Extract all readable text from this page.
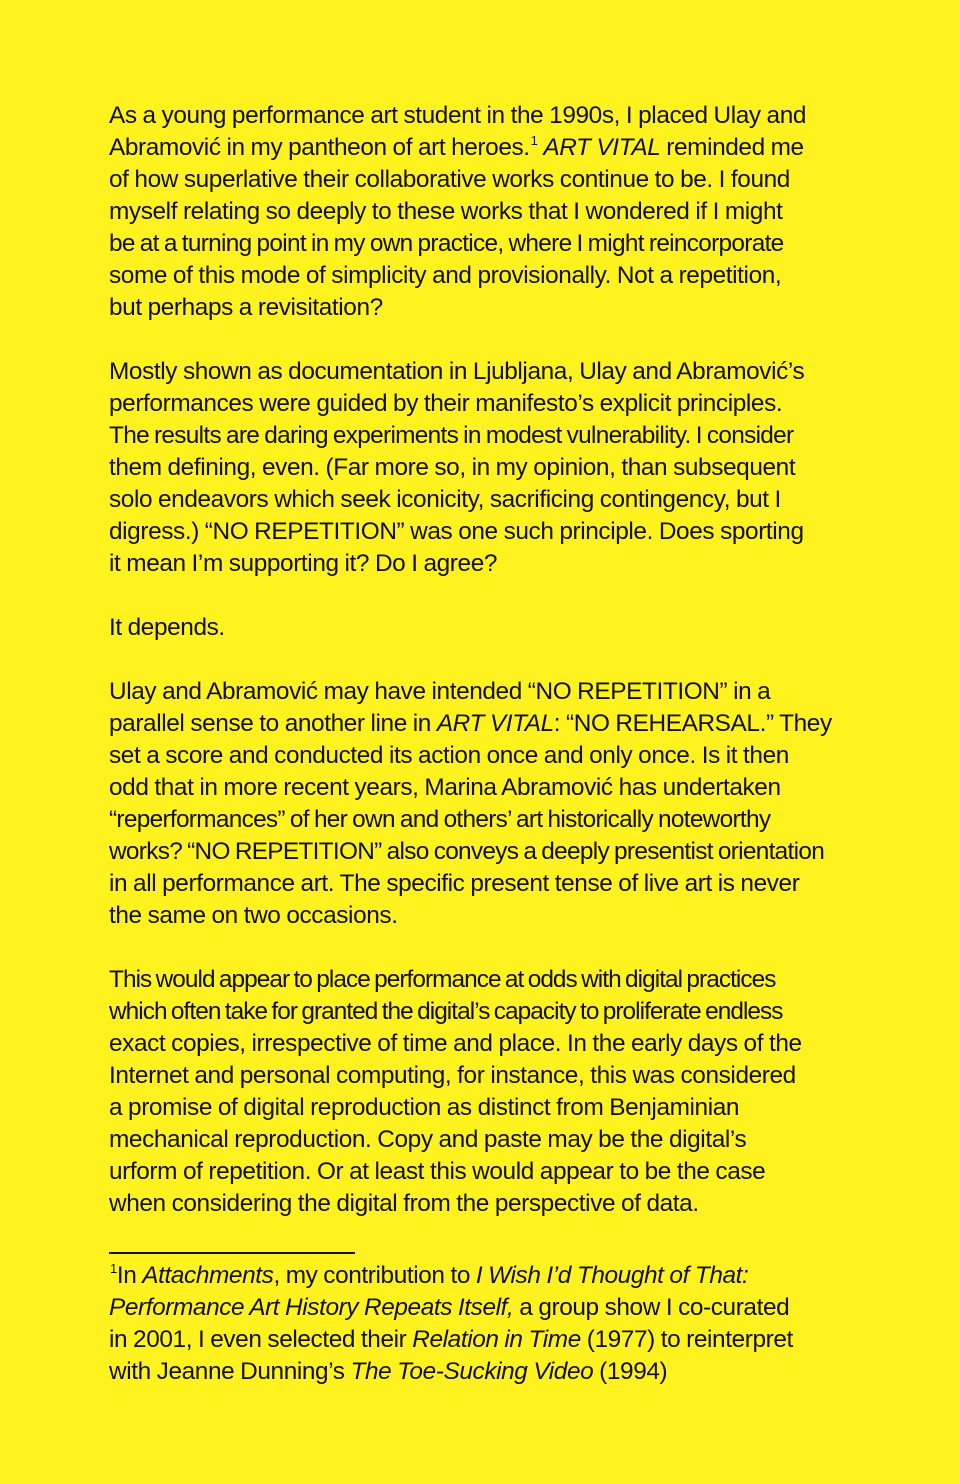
As a young performance art student in the 1990s, I placed Ulay and
Abramović in my pantheon of art heroes.$^1$ ART VITAL reminded me
of how superlative their collaborative works continue to be. I found
myself relating so deeply to these works that I wondered if I might
be at a turning point in my own practice, where I might reincorporate
some of this mode of simplicity and provisionally. Not a repetition,
but perhaps a revisitation?

Mostly shown as documentation in Ljubljana, Ulay and Abramović’s
performances were guided by their manifesto’s explicit principles.
The results are daring experiments in modest vulnerability. I consider
them defining, even. (Far more so, in my opinion, than subsequent
solo endeavors which seek iconicity, sacrificing contingency, but I
digress.) “NO REPETITION” was one such principle. Does sporting
it mean I’m supporting it? Do I agree?

It depends.

Ulay and Abramović may have intended “NO REPETITION” in a
parallel sense to another line in ART VITAL: “NO REHEARSAL.” They
set a score and conducted its action once and only once. Is it then
odd that in more recent years, Marina Abramović has undertaken
“reperformances” of her own and others’ art historically noteworthy
works? “NO REPETITION” also conveys a deeply presentist orientation
in all performance art. The specific present tense of live art is never
the same on two occasions.

This would appear to place performance at odds with digital practices
which often take for granted the digital’s capacity to proliferate endless
exact copies, irrespective of time and place. In the early days of the
Internet and personal computing, for instance, this was considered
a promise of digital reproduction as distinct from Benjaminian
mechanical reproduction. Copy and paste may be the digital’s
urform of repetition. Or at least this would appear to be the case
when considering the digital from the perspective of data.

$^1$In Attachments, my contribution to I Wish I’d Thought of That:
Performance Art History Repeats Itself, a group show I co-curated
in 2001, I even selected their Relation in Time (1977) to reinterpret
with Jeanne Dunning’s The Toe-Sucking Video (1994)
